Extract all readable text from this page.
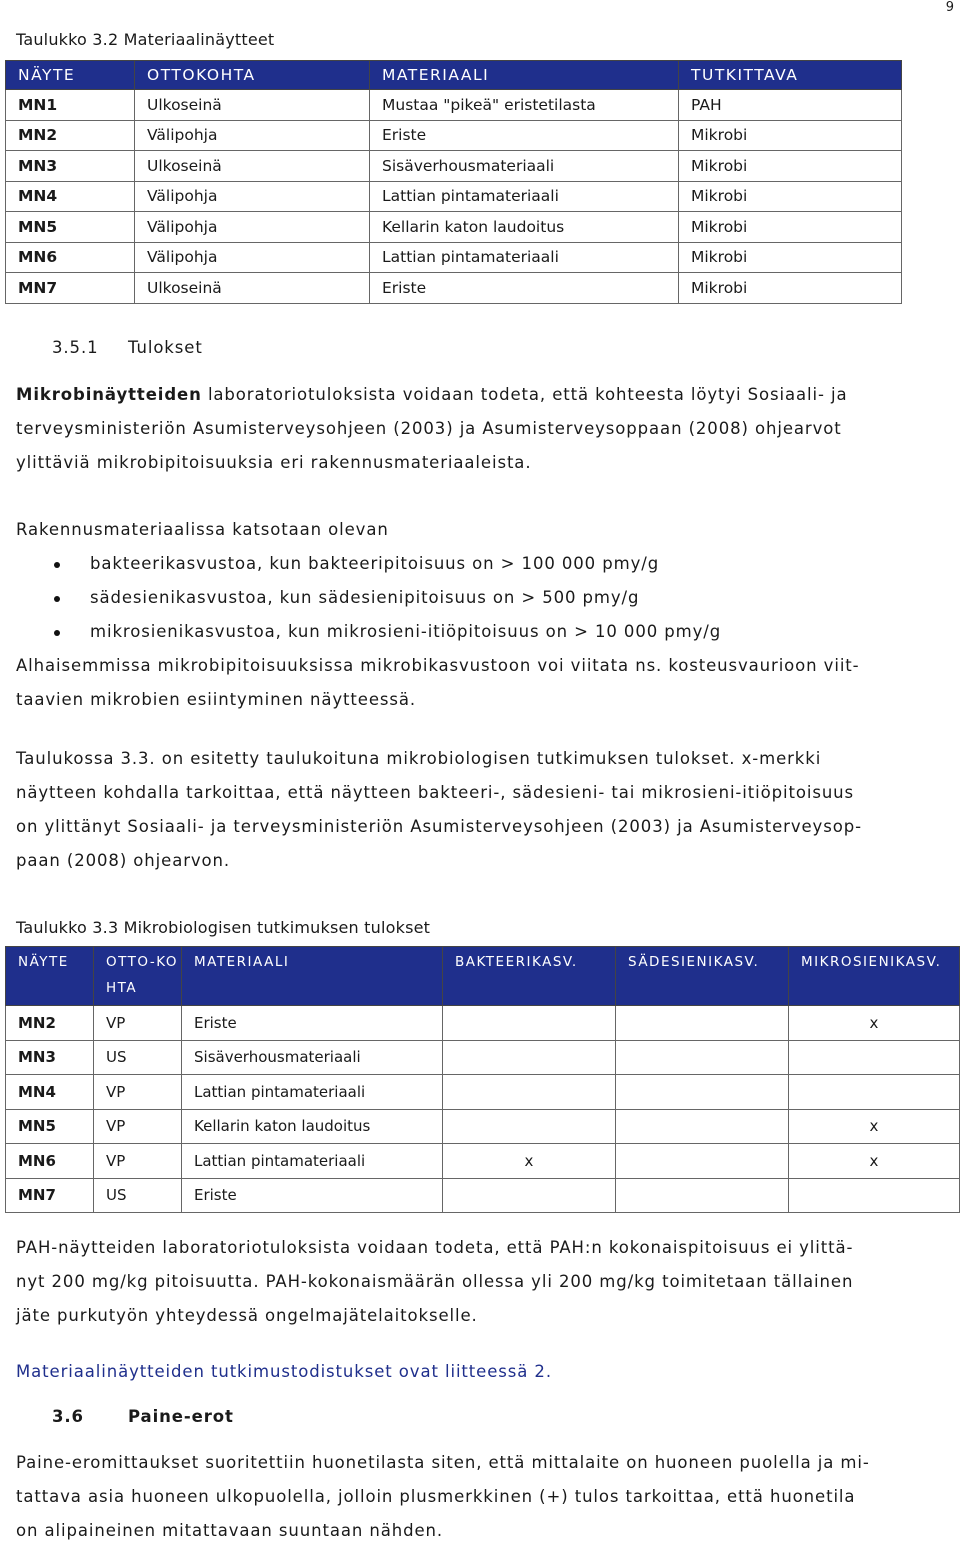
9
Taulukko 3.2 Materiaalinäytteet
NÄYTE	OTTOKOHTA	MATERIAALI	TUTKITTAVA
MN1	Ulkoseinä	Mustaa "pikeä" eristetilasta	PAH
MN2	Välipohja	Eriste	Mikrobi
MN3	Ulkoseinä	Sisäverhousmateriaali	Mikrobi
MN4	Välipohja	Lattian pintamateriaali	Mikrobi
MN5	Välipohja	Kellarin katon laudoitus	Mikrobi
MN6	Välipohja	Lattian pintamateriaali	Mikrobi
MN7	Ulkoseinä	Eriste	Mikrobi
3.5.1 Tulokset

Mikrobinäytteiden laboratoriotuloksista voidaan todeta, että kohteesta löytyi Sosiaali- ja
terveysministeriön Asumisterveysohjeen (2003) ja Asumisterveysoppaan (2008) ohjearvot
ylittäviä mikrobipitoisuuksia eri rakennusmateriaaleista.

Rakennusmateriaalissa katsotaan olevan

bakteerikasvustoa, kun bakteeripitoisuus on > 100 000 pmy/g
sädesienikasvustoa, kun sädesienipitoisuus on > 500 pmy/g
mikrosienikasvustoa, kun mikrosieni-itiöpitoisuus on > 10 000 pmy/g

Alhaisemmissa mikrobipitoisuuksissa mikrobikasvustoon voi viitata ns. kosteusvaurioon viit-
taavien mikrobien esiintyminen näytteessä.

Taulukossa 3.3. on esitetty taulukoituna mikrobiologisen tutkimuksen tulokset. x-merkki
näytteen kohdalla tarkoittaa, että näytteen bakteeri-, sädesieni- tai mikrosieni-itiöpitoisuus
on ylittänyt Sosiaali- ja terveysministeriön Asumisterveysohjeen (2003) ja Asumisterveysop-
paan (2008) ohjearvon.

Taulukko 3.3 Mikrobiologisen tutkimuksen tulokset
NÄYTE	OTTO-KOHTA	MATERIAALI	BAKTEERIKASV.	SÄDESIENIKASV.	MIKROSIENIKASV.
MN2	VP	Eriste			x
MN3	US	Sisäverhousmateriaali			
MN4	VP	Lattian pintamateriaali			
MN5	VP	Kellarin katon laudoitus			x
MN6	VP	Lattian pintamateriaali	x		x
MN7	US	Eriste			

PAH-näytteiden laboratoriotuloksista voidaan todeta, että PAH:n kokonaispitoisuus ei ylittä-
nyt 200 mg/kg pitoisuutta. PAH-kokonaismäärän ollessa yli 200 mg/kg toimitetaan tällainen
jäte purkutyön yhteydessä ongelmajätelaitokselle.

Materiaalinäytteiden tutkimustodistukset ovat liitteessä 2.

3.6	Paine-erot

Paine-eromittaukset suoritettiin huonetilasta siten, että mittalaite on huoneen puolella ja mi-
tattava asia huoneen ulkopuolella, jolloin plusmerkkinen (+) tulos tarkoittaa, että huonetila
on alipaineinen mitattavaan suuntaan nähden.
